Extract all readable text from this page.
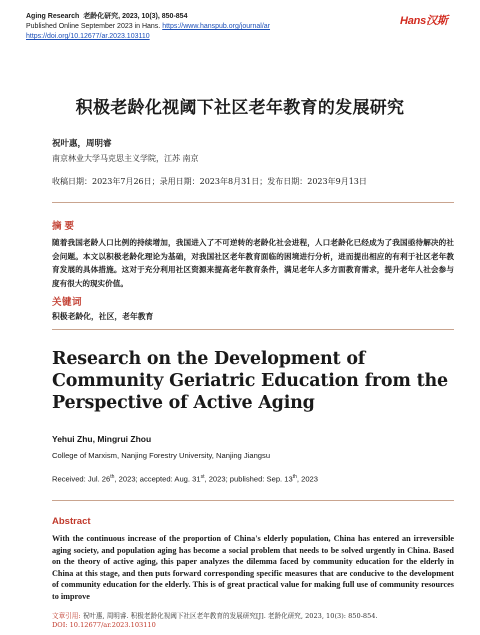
Aging Research 老龄化研究, 2023, 10(3), 850-854
Published Online September 2023 in Hans. https://www.hanspub.org/journal/ar
https://doi.org/10.12677/ar.2023.103110
Hans汉斯
积极老龄化视阈下社区老年教育的发展研究
祝叶惠，周明睿
南京林业大学马克思主义学院，江苏 南京
收稿日期：2023年7月26日；录用日期：2023年8月31日；发布日期：2023年9月13日
摘要
随着我国老龄人口比例的持续增加，我国进入了不可逆转的老龄化社会进程，人口老龄化已经成为了我国亟待解决的社会问题。本文以积极老龄化理论为基础，对我国社区老年教育面临的困境进行分析，进而提出相应的有利于社区老年教育发展的具体措施。这对于充分利用社区资源来提高老年教育条件，满足老年人多方面教育需求，提升老年人社会参与度有很大的现实价值。
关键词
积极老龄化，社区，老年教育
Research on the Development of Community Geriatric Education from the Perspective of Active Aging
Yehui Zhu, Mingrui Zhou
College of Marxism, Nanjing Forestry University, Nanjing Jiangsu
Received: Jul. 26th, 2023; accepted: Aug. 31st, 2023; published: Sep. 13th, 2023
Abstract
With the continuous increase of the proportion of China's elderly population, China has entered an irreversible aging society, and population aging has become a social problem that needs to be solved urgently in China. Based on the theory of active aging, this paper analyzes the dilemma faced by community education for the elderly in China at this stage, and then puts forward corresponding specific measures that are conducive to the development of community education for the elderly. This is of great practical value for making full use of community resources to improve
文章引用: 祝叶惠, 周明睿. 积极老龄化视阈下社区老年教育的发展研究[J]. 老龄化研究, 2023, 10(3): 850-854.
DOI: 10.12677/ar.2023.103110
